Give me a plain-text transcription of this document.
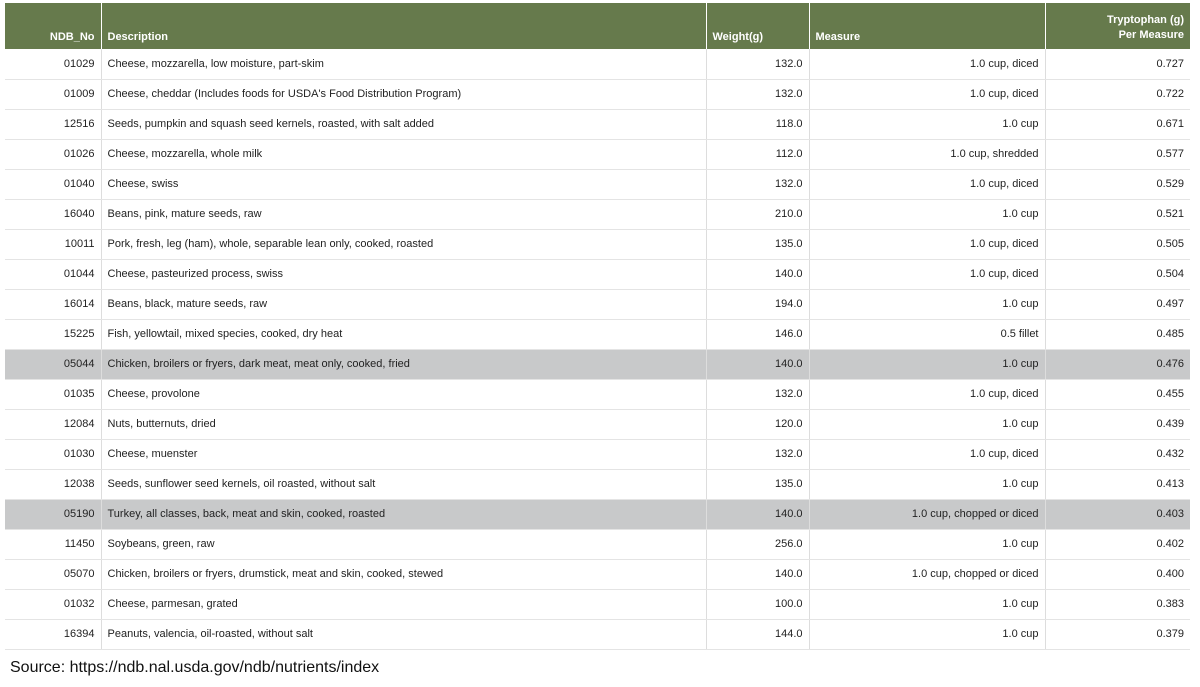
NDB_No	Description	Weight(g)	Measure	Tryptophan (g)
Per Measure

01029	Cheese, mozzarella, low moisture, part-skim	132.0	1.0 cup, diced	0.727
01009	Cheese, cheddar (Includes foods for USDA's Food Distribution Program)	132.0	1.0 cup, diced	0.722
12516	Seeds, pumpkin and squash seed kernels, roasted, with salt added	118.0	1.0 cup	0.671
01026	Cheese, mozzarella, whole milk	112.0	1.0 cup, shredded	0.577
01040	Cheese, swiss	132.0	1.0 cup, diced	0.529
16040	Beans, pink, mature seeds, raw	210.0	1.0 cup	0.521
10011	Pork, fresh, leg (ham), whole, separable lean only, cooked, roasted	135.0	1.0 cup, diced	0.505
01044	Cheese, pasteurized process, swiss	140.0	1.0 cup, diced	0.504
16014	Beans, black, mature seeds, raw	194.0	1.0 cup	0.497
15225	Fish, yellowtail, mixed species, cooked, dry heat	146.0	0.5 fillet	0.485
05044	Chicken, broilers or fryers, dark meat, meat only, cooked, fried	140.0	1.0 cup	0.476
01035	Cheese, provolone	132.0	1.0 cup, diced	0.455
12084	Nuts, butternuts, dried	120.0	1.0 cup	0.439
01030	Cheese, muenster	132.0	1.0 cup, diced	0.432
12038	Seeds, sunflower seed kernels, oil roasted, without salt	135.0	1.0 cup	0.413
05190	Turkey, all classes, back, meat and skin, cooked, roasted	140.0	1.0 cup, chopped or diced	0.403
11450	Soybeans, green, raw	256.0	1.0 cup	0.402
05070	Chicken, broilers or fryers, drumstick, meat and skin, cooked, stewed	140.0	1.0 cup, chopped or diced	0.400
01032	Cheese, parmesan, grated	100.0	1.0 cup	0.383
16394	Peanuts, valencia, oil-roasted, without salt	144.0	1.0 cup	0.379
Source: https://ndb.nal.usda.gov/ndb/nutrients/index
